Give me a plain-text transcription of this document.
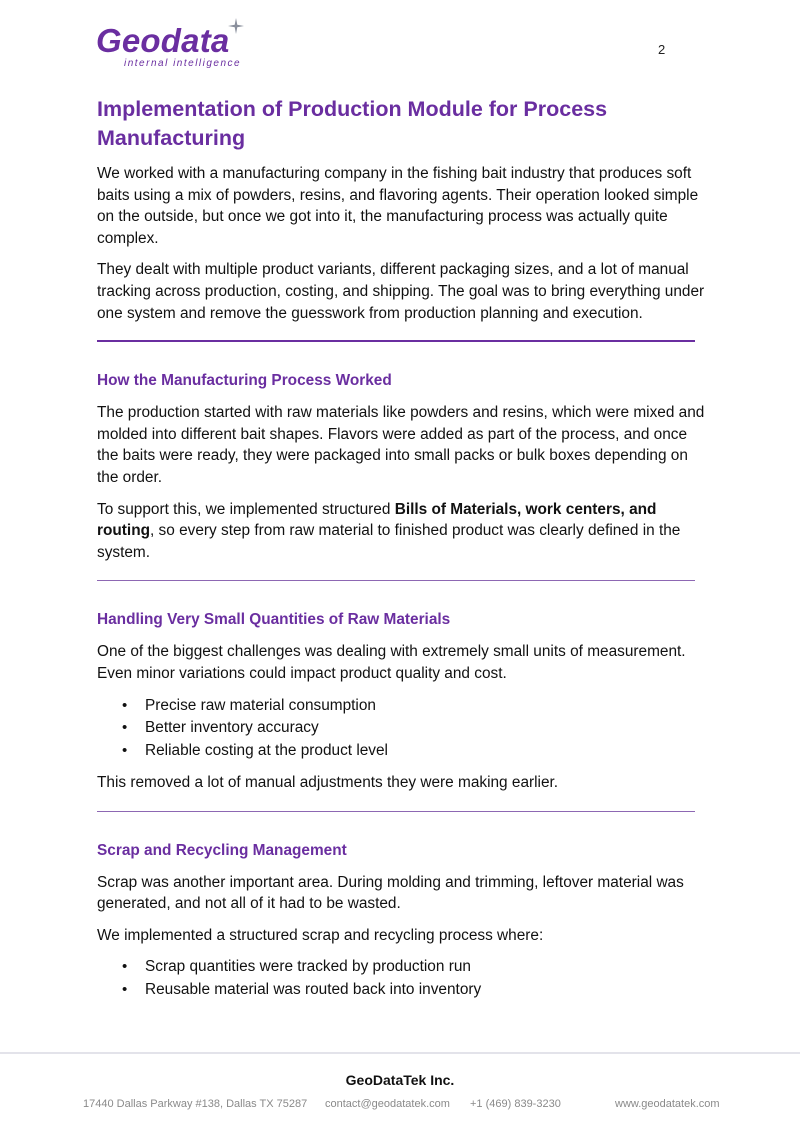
Geodata
internal intelligence
2
Implementation of Production Module for Process Manufacturing

We worked with a manufacturing company in the fishing bait industry that produces soft baits using a mix of powders, resins, and flavoring agents. Their operation looked simple on the outside, but once we got into it, the manufacturing process was actually quite complex.

They dealt with multiple product variants, different packaging sizes, and a lot of manual tracking across production, costing, and shipping. The goal was to bring everything under one system and remove the guesswork from production planning and execution.

How the Manufacturing Process Worked

The production started with raw materials like powders and resins, which were mixed and molded into different bait shapes. Flavors were added as part of the process, and once the baits were ready, they were packaged into small packs or bulk boxes depending on the order.

To support this, we implemented structured Bills of Materials, work centers, and routing, so every step from raw material to finished product was clearly defined in the system.

Handling Very Small Quantities of Raw Materials

One of the biggest challenges was dealing with extremely small units of measurement. Even minor variations could impact product quality and cost.

• Precise raw material consumption
• Better inventory accuracy
• Reliable costing at the product level

This removed a lot of manual adjustments they were making earlier.

Scrap and Recycling Management

Scrap was another important area. During molding and trimming, leftover material was generated, and not all of it had to be wasted.

We implemented a structured scrap and recycling process where:

• Scrap quantities were tracked by production run
• Reusable material was routed back into inventory
GeoDataTek Inc.
17440 Dallas Parkway #138, Dallas TX 75287 contact@geodatatek.com +1 (469) 839-3230	www.geodatatek.com
